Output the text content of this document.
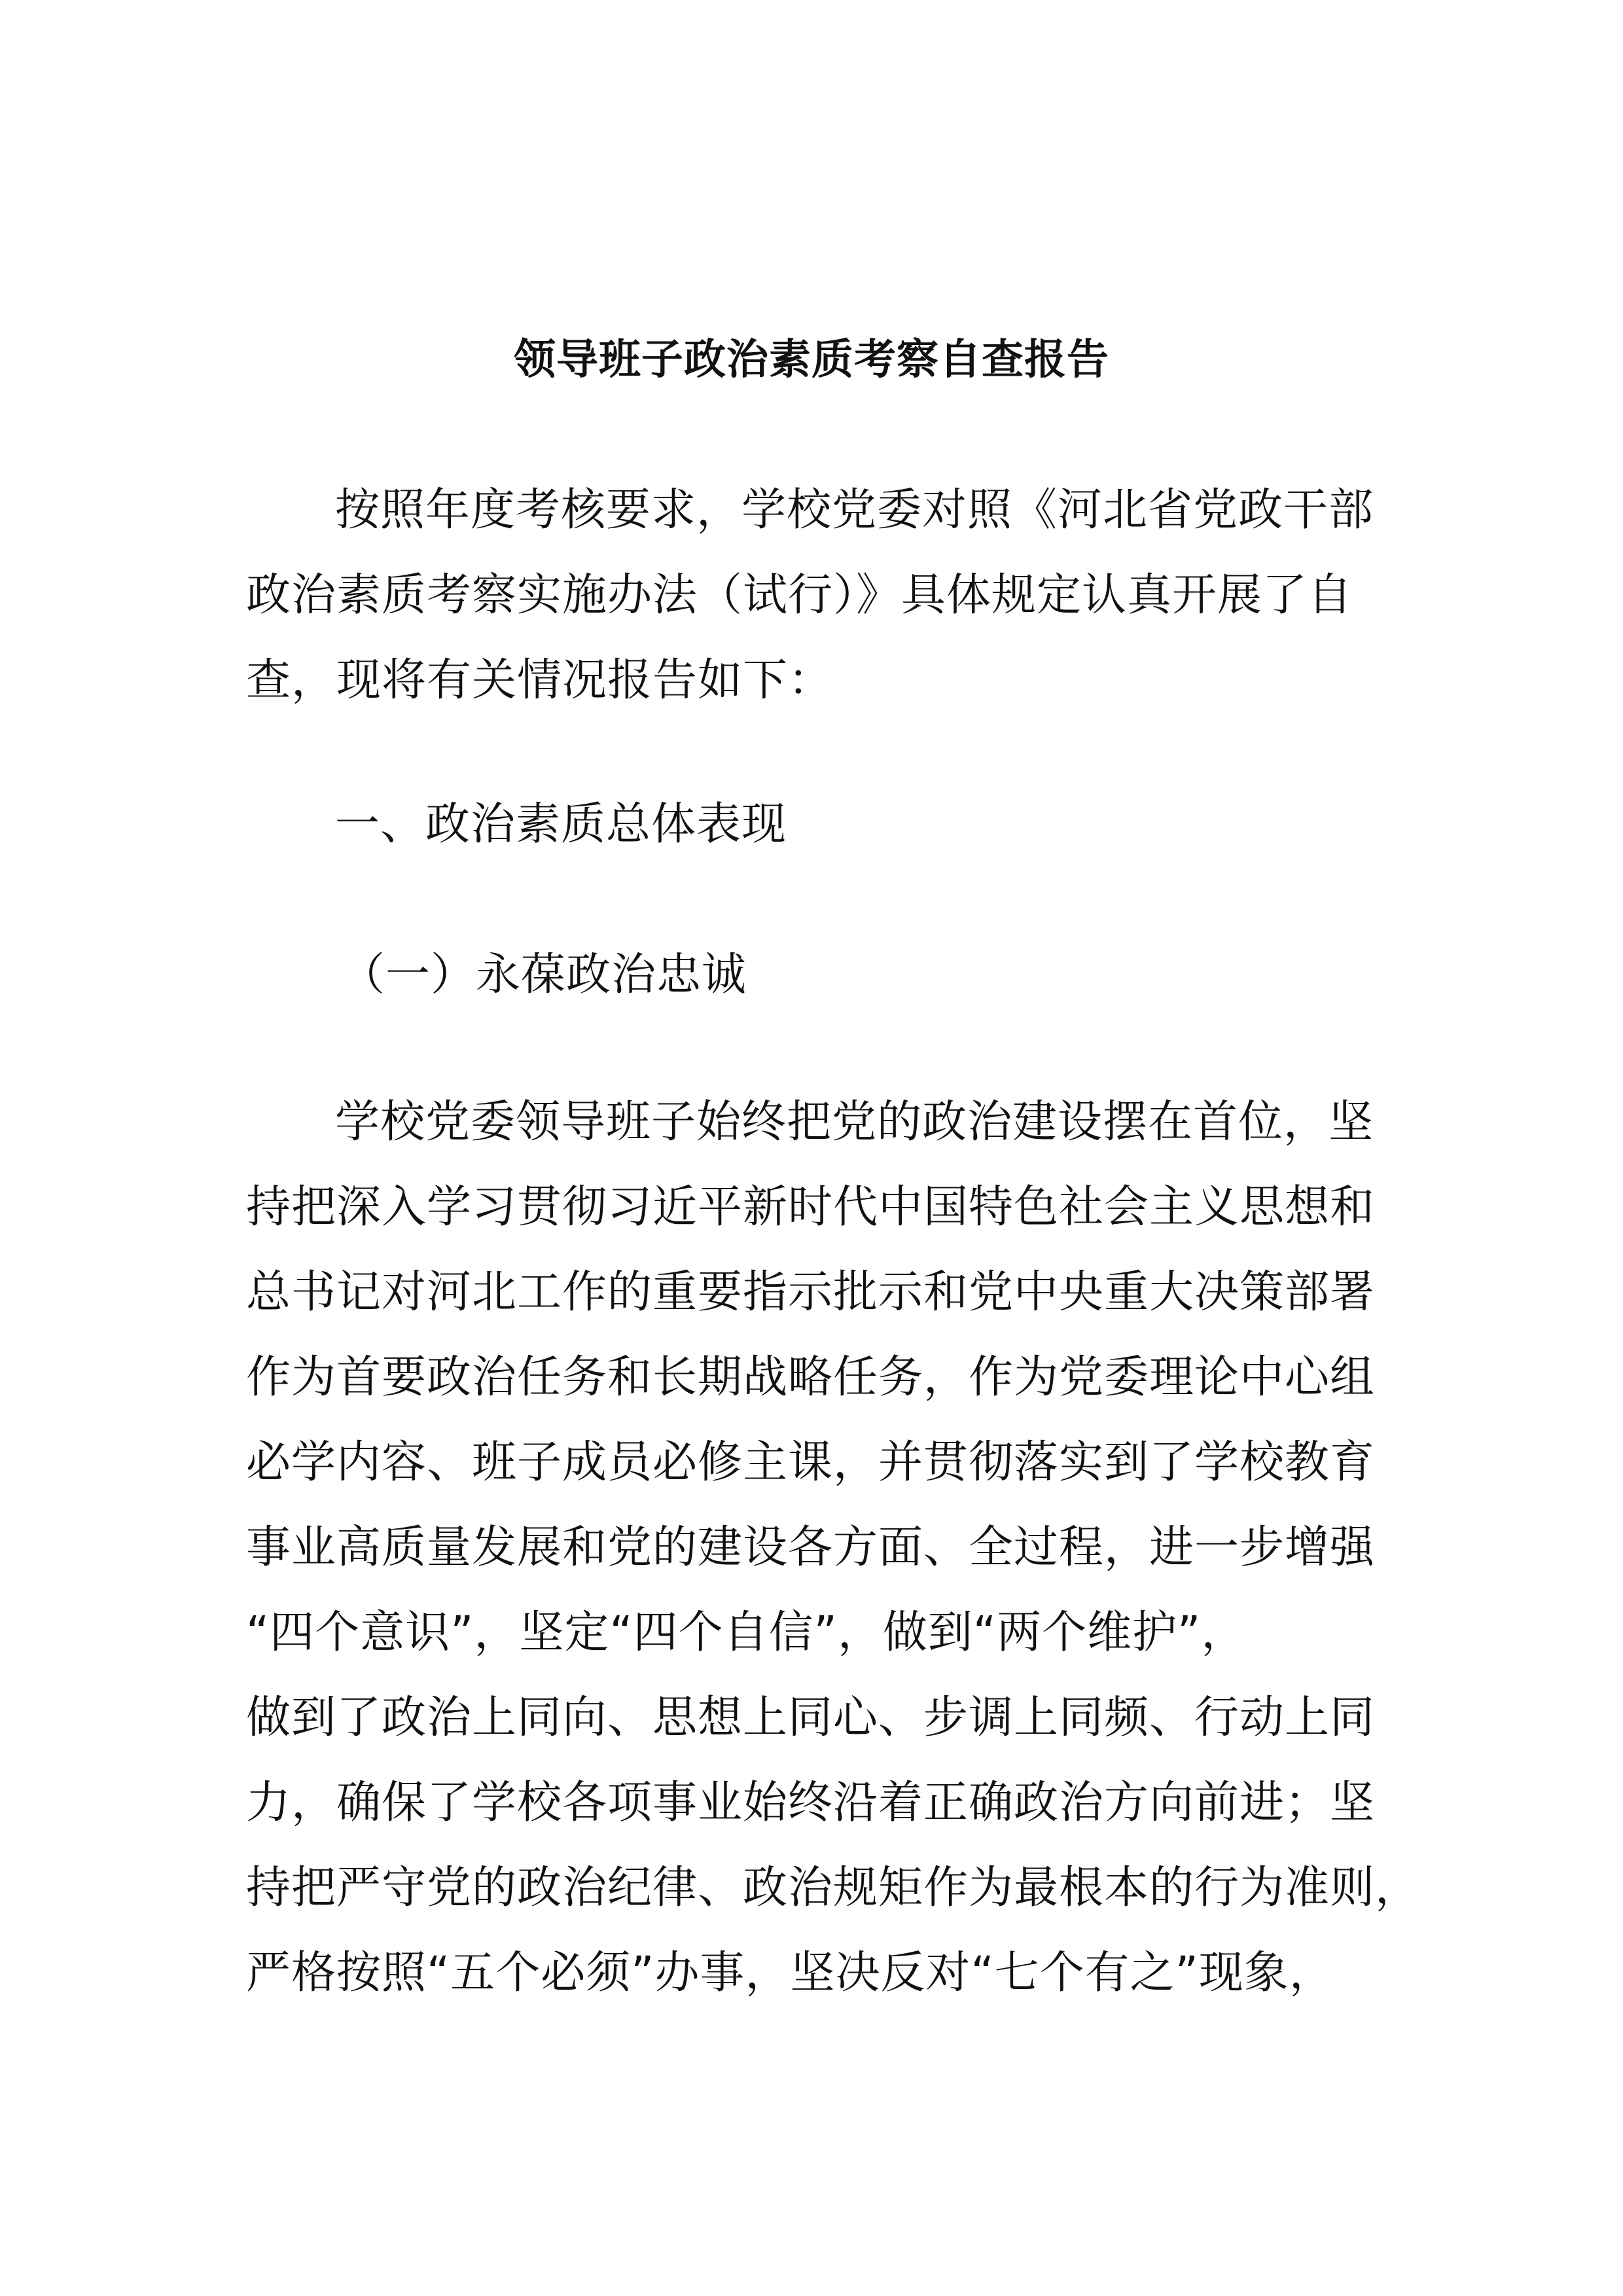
领导班子政治素质考察自查报告
按照年度考核要求，学校党委对照《河北省党政干部
政治素质考察实施办法（试行）》具体规定认真开展了自
查，现将有关情况报告如下：
一、政治素质总体表现
（一）永葆政治忠诚
学校党委领导班子始终把党的政治建设摆在首位，坚
持把深入学习贯彻习近平新时代中国特色社会主义思想和
总书记对河北工作的重要指示批示和党中央重大决策部署
作为首要政治任务和长期战略任务，作为党委理论中心组
必学内容、班子成员必修主课，并贯彻落实到了学校教育
事业高质量发展和党的建设各方面、全过程，进一步增强
“四个意识”，坚定“四个自信”，做到“两个维护”，
做到了政治上同向、思想上同心、步调上同频、行动上同
力，确保了学校各项事业始终沿着正确政治方向前进；坚
持把严守党的政治纪律、政治规矩作为最根本的行为准则，
严格按照“五个必须”办事，坚决反对“七个有之”现象，
